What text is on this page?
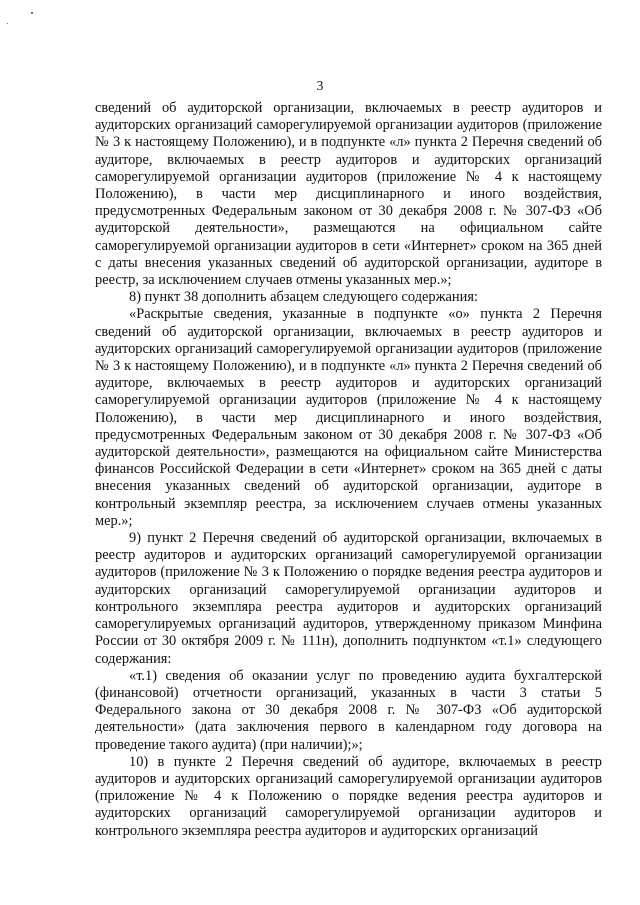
3

сведений об аудиторской организации, включаемых в реестр аудиторов и аудиторских организаций саморегулируемой организации аудиторов (приложение № 3 к настоящему Положению), и в подпункте «л» пункта 2 Перечня сведений об аудиторе, включаемых в реестр аудиторов и аудиторских организаций саморегулируемой организации аудиторов (приложение № 4 к настоящему Положению), в части мер дисциплинарного и иного воздействия, предусмотренных Федеральным законом от 30 декабря 2008 г. № 307-ФЗ «Об аудиторской деятельности», размещаются на официальном сайте саморегулируемой организации аудиторов в сети «Интернет» сроком на 365 дней с даты внесения указанных сведений об аудиторской организации, аудиторе в реестр, за исключением случаев отмены указанных мер.»;

8) пункт 38 дополнить абзацем следующего содержания:

«Раскрытые сведения, указанные в подпункте «о» пункта 2 Перечня сведений об аудиторской организации, включаемых в реестр аудиторов и аудиторских организаций саморегулируемой организации аудиторов (приложение № 3 к настоящему Положению), и в подпункте «л» пункта 2 Перечня сведений об аудиторе, включаемых в реестр аудиторов и аудиторских организаций саморегулируемой организации аудиторов (приложение № 4 к настоящему Положению), в части мер дисциплинарного и иного воздействия, предусмотренных Федеральным законом от 30 декабря 2008 г. № 307-ФЗ «Об аудиторской деятельности», размещаются на официальном сайте Министерства финансов Российской Федерации в сети «Интернет» сроком на 365 дней с даты внесения указанных сведений об аудиторской организации, аудиторе в контрольный экземпляр реестра, за исключением случаев отмены указанных мер.»;

9) пункт 2 Перечня сведений об аудиторской организации, включаемых в реестр аудиторов и аудиторских организаций саморегулируемой организации аудиторов (приложение № 3 к Положению о порядке ведения реестра аудиторов и аудиторских организаций саморегулируемой организации аудиторов и контрольного экземпляра реестра аудиторов и аудиторских организаций саморегулируемых организаций аудиторов, утвержденному приказом Минфина России от 30 октября 2009 г. № 111н), дополнить подпунктом «т.1» следующего содержания:

«т.1) сведения об оказании услуг по проведению аудита бухгалтерской (финансовой) отчетности организаций, указанных в части 3 статьи 5 Федерального закона от 30 декабря 2008 г. № 307-ФЗ «Об аудиторской деятельности» (дата заключения первого в календарном году договора на проведение такого аудита) (при наличии);»;

10) в пункте 2 Перечня сведений об аудиторе, включаемых в реестр аудиторов и аудиторских организаций саморегулируемой организации аудиторов (приложение № 4 к Положению о порядке ведения реестра аудиторов и аудиторских организаций саморегулируемой организации аудиторов и контрольного экземпляра реестра аудиторов и аудиторских организаций
